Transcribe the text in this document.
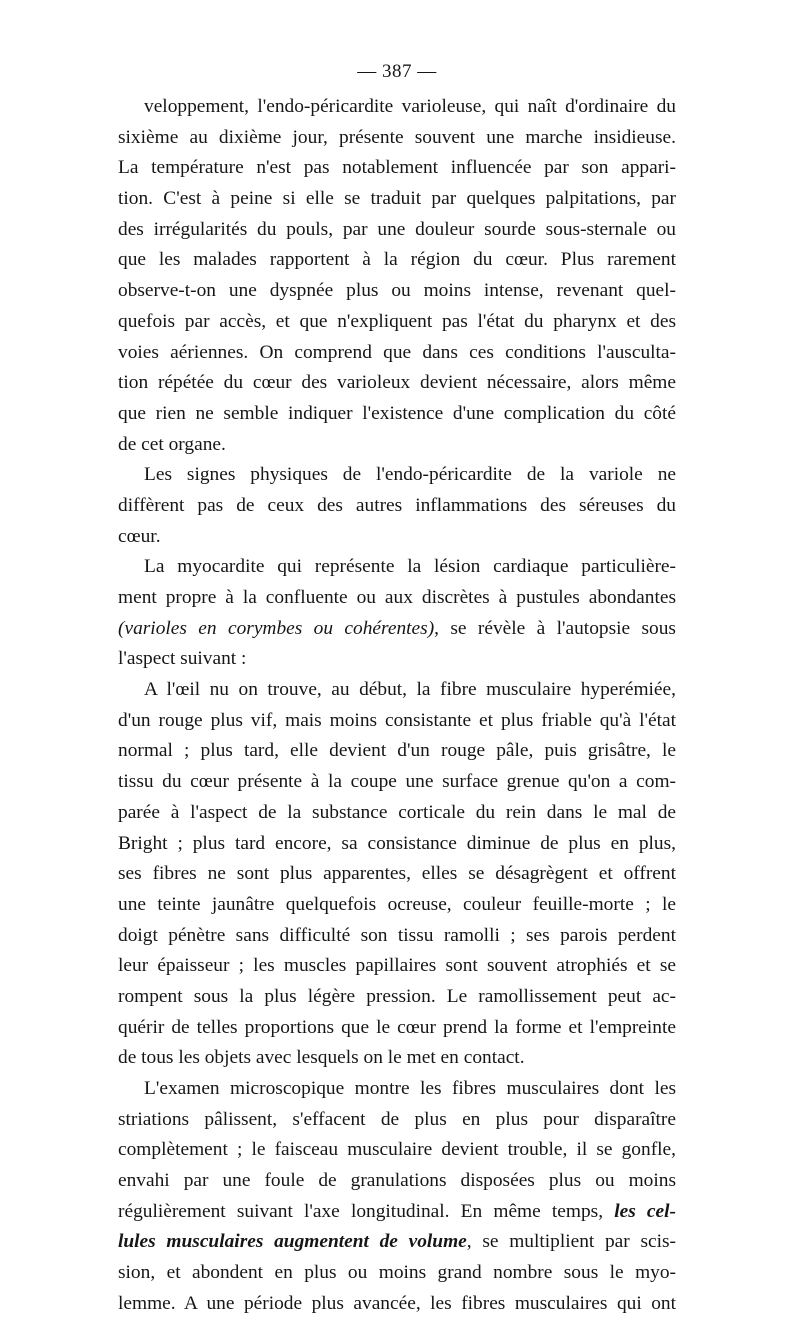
— 387 —
veloppement, l'endo-péricardite varioleuse, qui naît d'ordinaire du
sixième au dixième jour, présente souvent une marche insidieuse.
La température n'est pas notablement influencée par son appari-
tion. C'est à peine si elle se traduit par quelques palpitations, par
des irrégularités du pouls, par une douleur sourde sous-sternale ou
que les malades rapportent à la région du cœur. Plus rarement
observe-t-on une dyspnée plus ou moins intense, revenant quel-
quefois par accès, et que n'expliquent pas l'état du pharynx et des
voies aériennes. On comprend que dans ces conditions l'ausculta-
tion répétée du cœur des varioleux devient nécessaire, alors même
que rien ne semble indiquer l'existence d'une complication du côté
de cet organe.
Les signes physiques de l'endo-péricardite de la variole ne
diffèrent pas de ceux des autres inflammations des séreuses du
cœur.
La myocardite qui représente la lésion cardiaque particulière-
ment propre à la confluente ou aux discrètes à pustules abondantes
(varioles en corymbes ou cohérentes), se révèle à l'autopsie sous
l'aspect suivant :
A l'œil nu on trouve, au début, la fibre musculaire hyperémiée,
d'un rouge plus vif, mais moins consistante et plus friable qu'à l'état
normal ; plus tard, elle devient d'un rouge pâle, puis grisâtre, le
tissu du cœur présente à la coupe une surface grenue qu'on a com-
parée à l'aspect de la substance corticale du rein dans le mal de
Bright ; plus tard encore, sa consistance diminue de plus en plus,
ses fibres ne sont plus apparentes, elles se désagrègent et offrent
une teinte jaunâtre quelquefois ocreuse, couleur feuille-morte ; le
doigt pénètre sans difficulté son tissu ramolli ; ses parois perdent
leur épaisseur ; les muscles papillaires sont souvent atrophiés et se
rompent sous la plus légère pression. Le ramollissement peut ac-
quérir de telles proportions que le cœur prend la forme et l'empreinte
de tous les objets avec lesquels on le met en contact.
L'examen microscopique montre les fibres musculaires dont les
striations pâlissent, s'effacent de plus en plus pour disparaître
complètement ; le faisceau musculaire devient trouble, il se gonfle,
envahi par une foule de granulations disposées plus ou moins
régulièrement suivant l'axe longitudinal. En même temps, les cel-
lules musculaires augmentent de volume, se multiplient par scis-
sion, et abondent en plus ou moins grand nombre sous le myo-
lemme. A une période plus avancée, les fibres musculaires qui ont
